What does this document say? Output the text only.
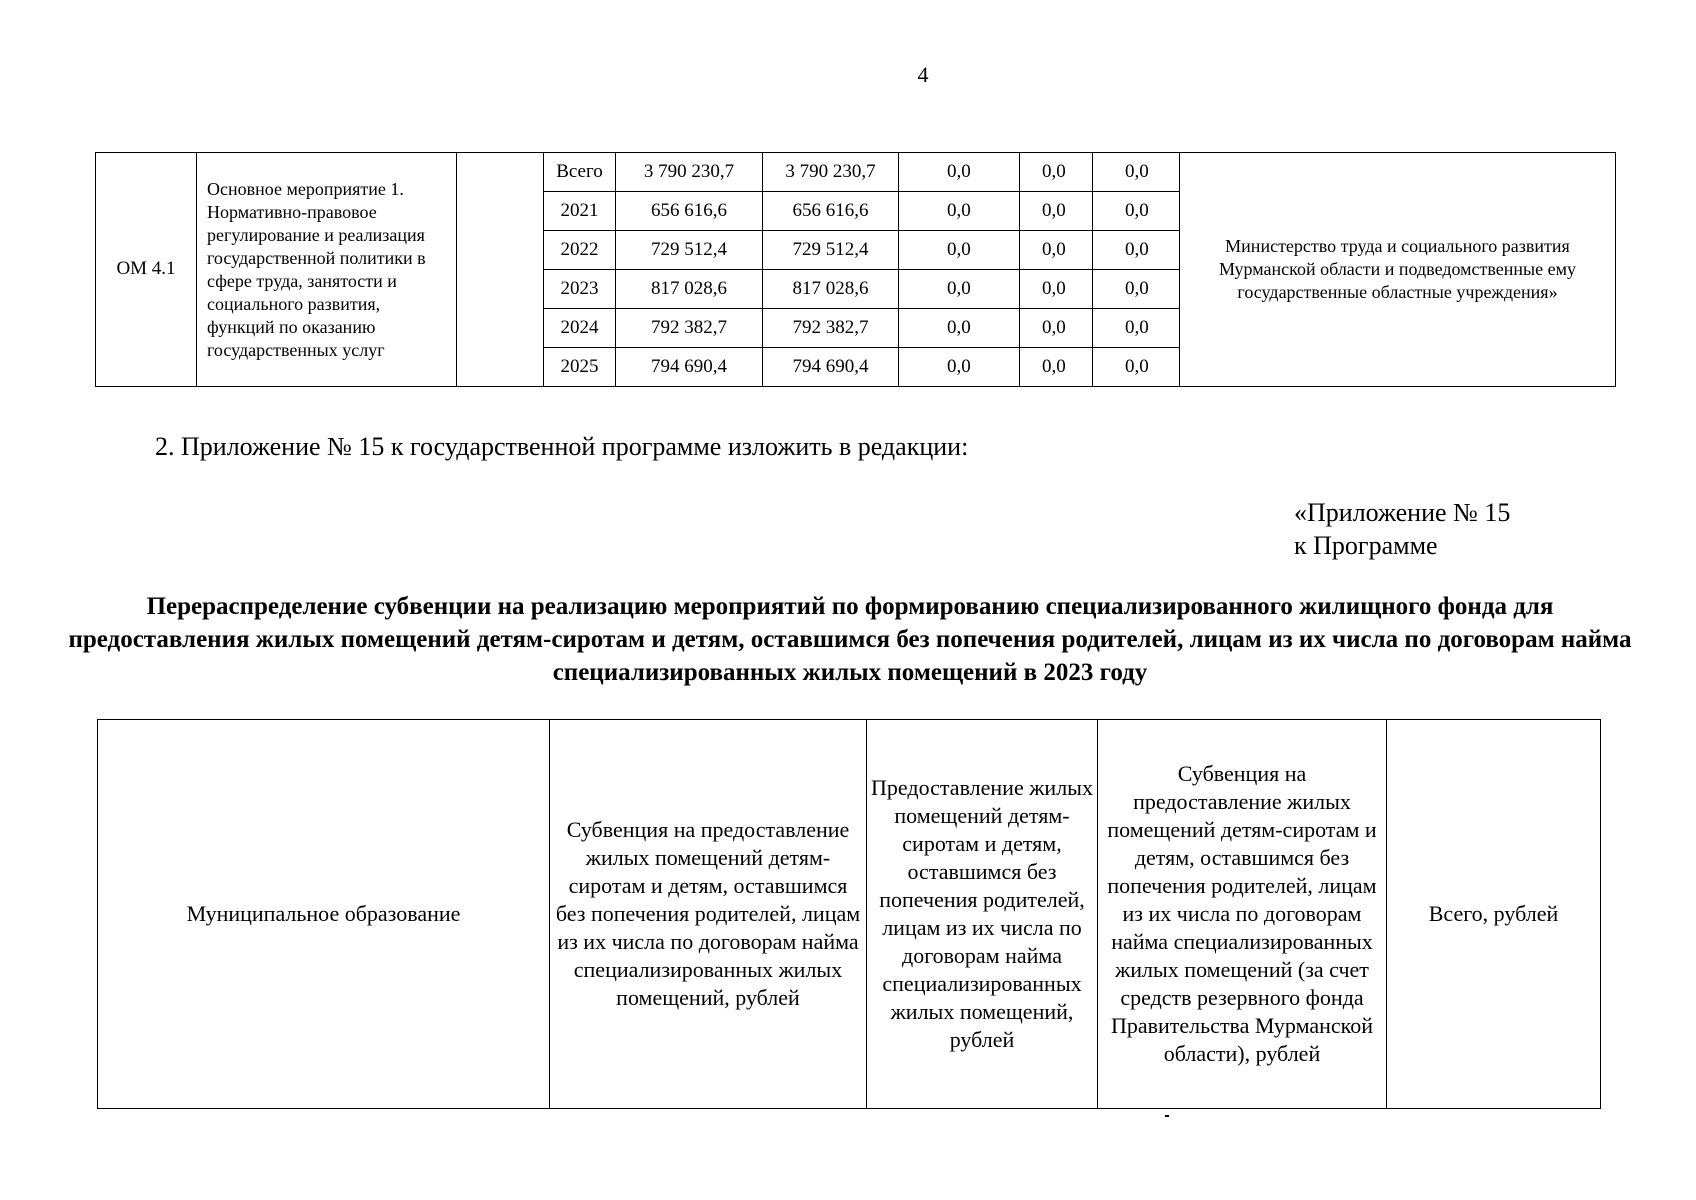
4
ОМ 4.1	Основное мероприятие 1. Нормативно-правовое регулирование и реализация государственной политики в сфере труда, занятости и социального развития, функций по оказанию государственных услуг		Всего	3 790 230,7	3 790 230,7	0,0	0,0	0,0	Министерство труда и социального развития Мурманской области и подведомственные ему государственные областные учреждения»
			2021	656 616,6	656 616,6	0,0	0,0	0,0	
			2022	729 512,4	729 512,4	0,0	0,0	0,0	
			2023	817 028,6	817 028,6	0,0	0,0	0,0	
			2024	792 382,7	792 382,7	0,0	0,0	0,0	
			2025	794 690,4	794 690,4	0,0	0,0	0,0	
2. Приложение № 15 к государственной программе изложить в редакции:
«Приложение № 15
к Программе
Перераспределение субвенции на реализацию мероприятий по формированию специализированного жилищного фонда для предоставления жилых помещений детям-сиротам и детям, оставшимся без попечения родителей, лицам из их числа по договорам найма специализированных жилых помещений в 2023 году
Муниципальное образование	Субвенция на предоставление жилых помещений детям-сиротам и детям, оставшимся без попечения родителей, лицам из их числа по договорам найма специализированных жилых помещений, рублей	Предоставление жилых помещений детям-сиротам и детям, оставшимся без попечения родителей, лицам из их числа по договорам найма специализированных жилых помещений, рублей	Субвенция на предоставление жилых помещений детям-сиротам и детям, оставшимся без попечения родителей, лицам из их числа по договорам найма специализированных жилых помещений (за счет средств резервного фонда Правительства Мурманской области), рублей	Всего, рублей
